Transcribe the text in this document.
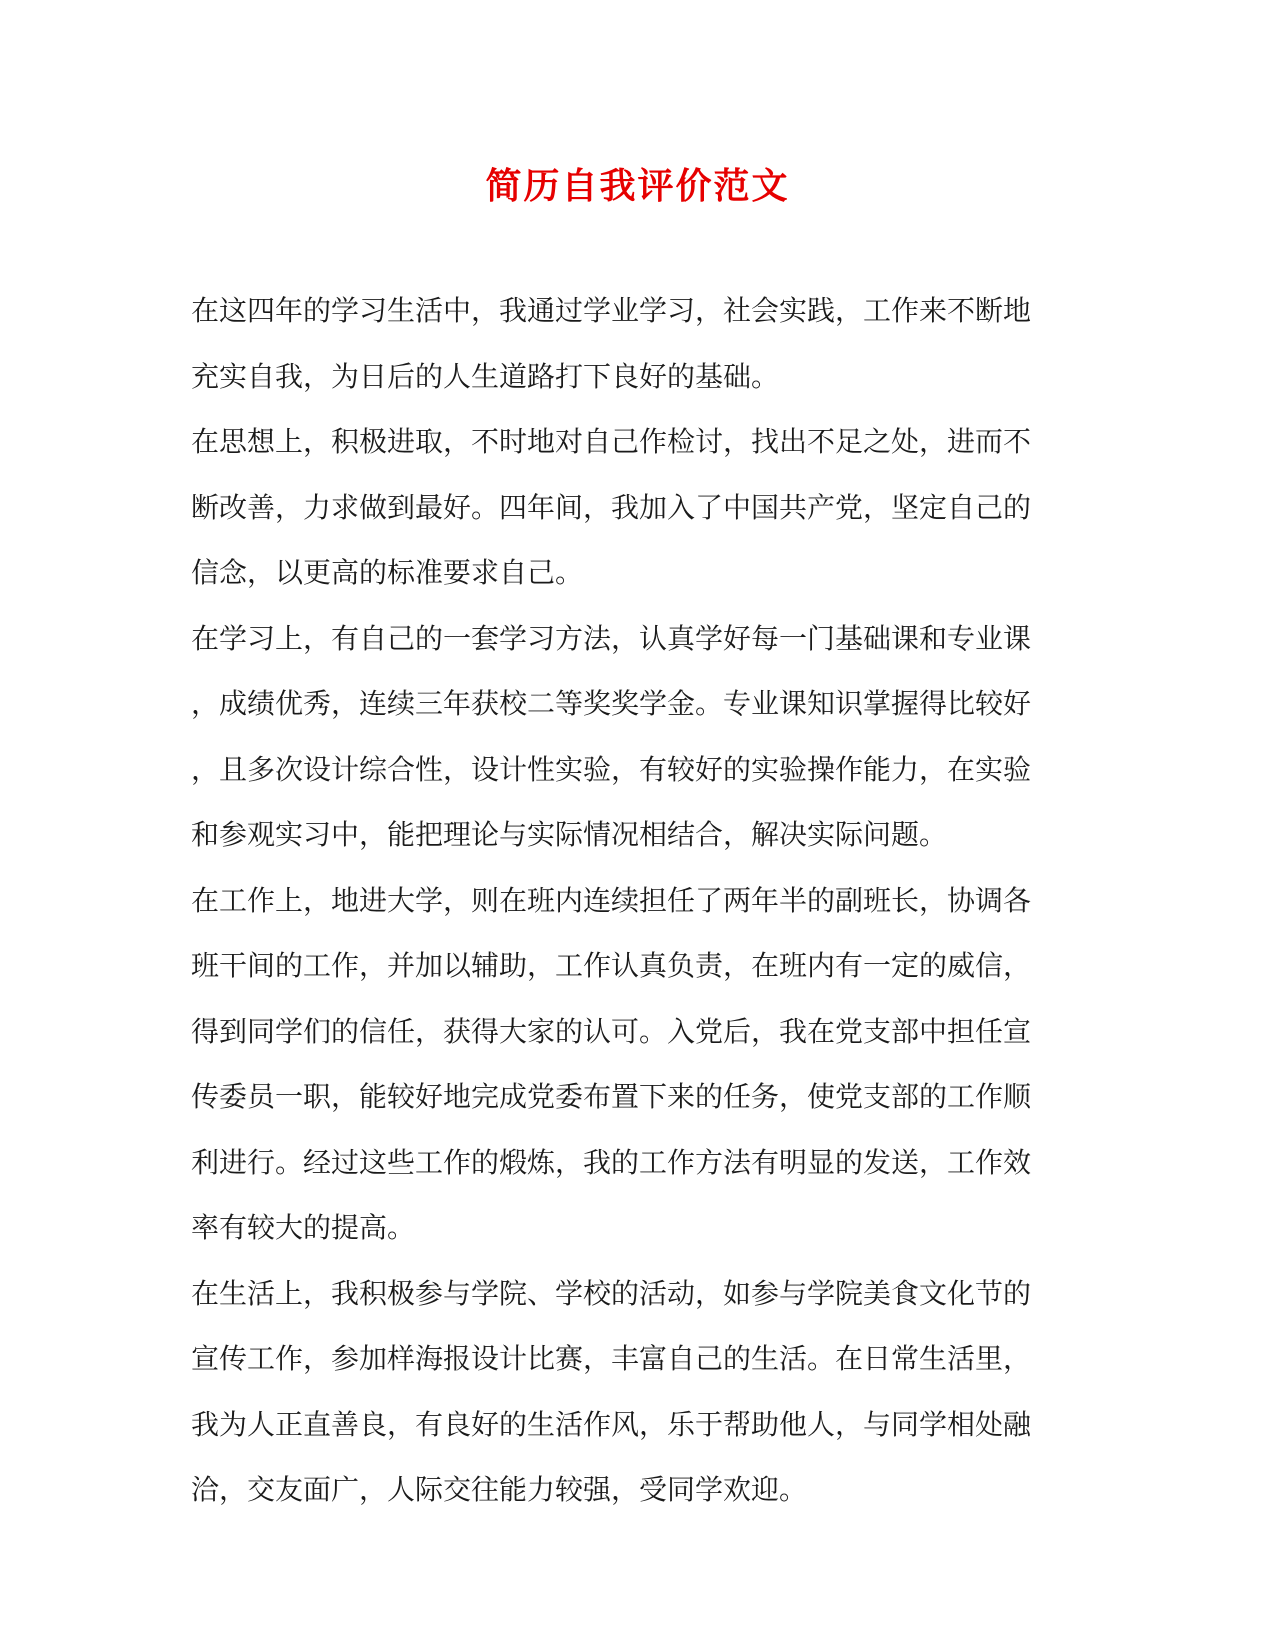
简历自我评价范文
在这四年的学习生活中，我通过学业学习，社会实践，工作来不断地
充实自我，为日后的人生道路打下良好的基础。
在思想上，积极进取，不时地对自己作检讨，找出不足之处，进而不
断改善，力求做到最好。四年间，我加入了中国共产党，坚定自己的
信念，以更高的标准要求自己。
在学习上，有自己的一套学习方法，认真学好每一门基础课和专业课
，成绩优秀，连续三年获校二等奖奖学金。专业课知识掌握得比较好
，且多次设计综合性，设计性实验，有较好的实验操作能力，在实验
和参观实习中，能把理论与实际情况相结合，解决实际问题。
在工作上，地进大学，则在班内连续担任了两年半的副班长，协调各
班干间的工作，并加以辅助，工作认真负责，在班内有一定的威信，
得到同学们的信任，获得大家的认可。入党后，我在党支部中担任宣
传委员一职，能较好地完成党委布置下来的任务，使党支部的工作顺
利进行。经过这些工作的煅炼，我的工作方法有明显的发送，工作效
率有较大的提高。
在生活上，我积极参与学院、学校的活动，如参与学院美食文化节的
宣传工作，参加样海报设计比赛，丰富自己的生活。在日常生活里，
我为人正直善良，有良好的生活作风，乐于帮助他人，与同学相处融
洽，交友面广，人际交往能力较强，受同学欢迎。
